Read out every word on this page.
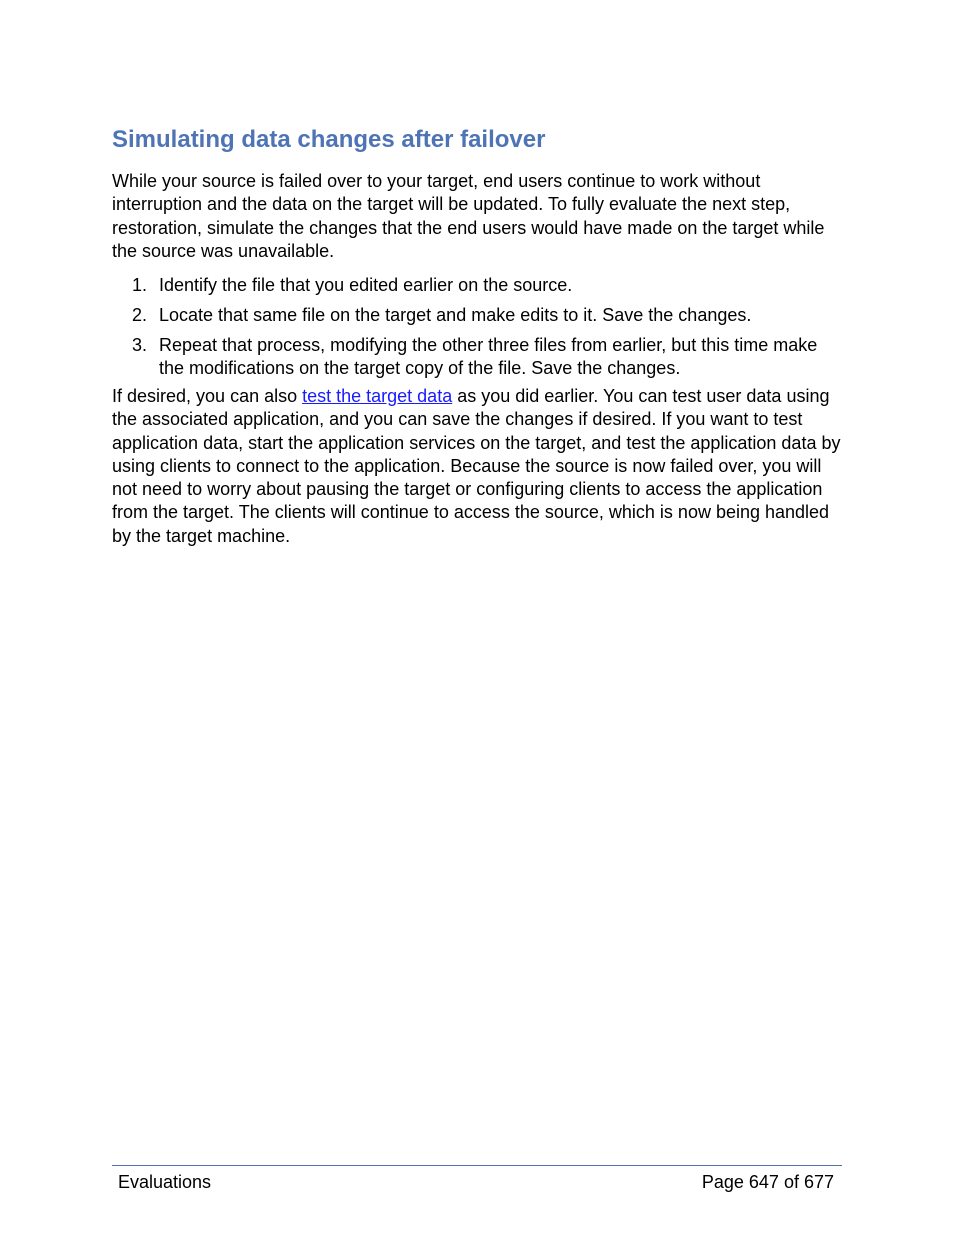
Simulating data changes after failover

While your source is failed over to your target, end users continue to work without interruption and the data on the target will be updated. To fully evaluate the next step, restoration, simulate the changes that the end users would have made on the target while the source was unavailable.

1. Identify the file that you edited earlier on the source.
2. Locate that same file on the target and make edits to it. Save the changes.
3. Repeat that process, modifying the other three files from earlier, but this time make the modifications on the target copy of the file. Save the changes.

If desired, you can also test the target data as you did earlier. You can test user data using the associated application, and you can save the changes if desired. If you want to test application data, start the application services on the target, and test the application data by using clients to connect to the application. Because the source is now failed over, you will not need to worry about pausing the target or configuring clients to access the application from the target. The clients will continue to access the source, which is now being handled by the target machine.

Evaluations	Page 647 of 677
